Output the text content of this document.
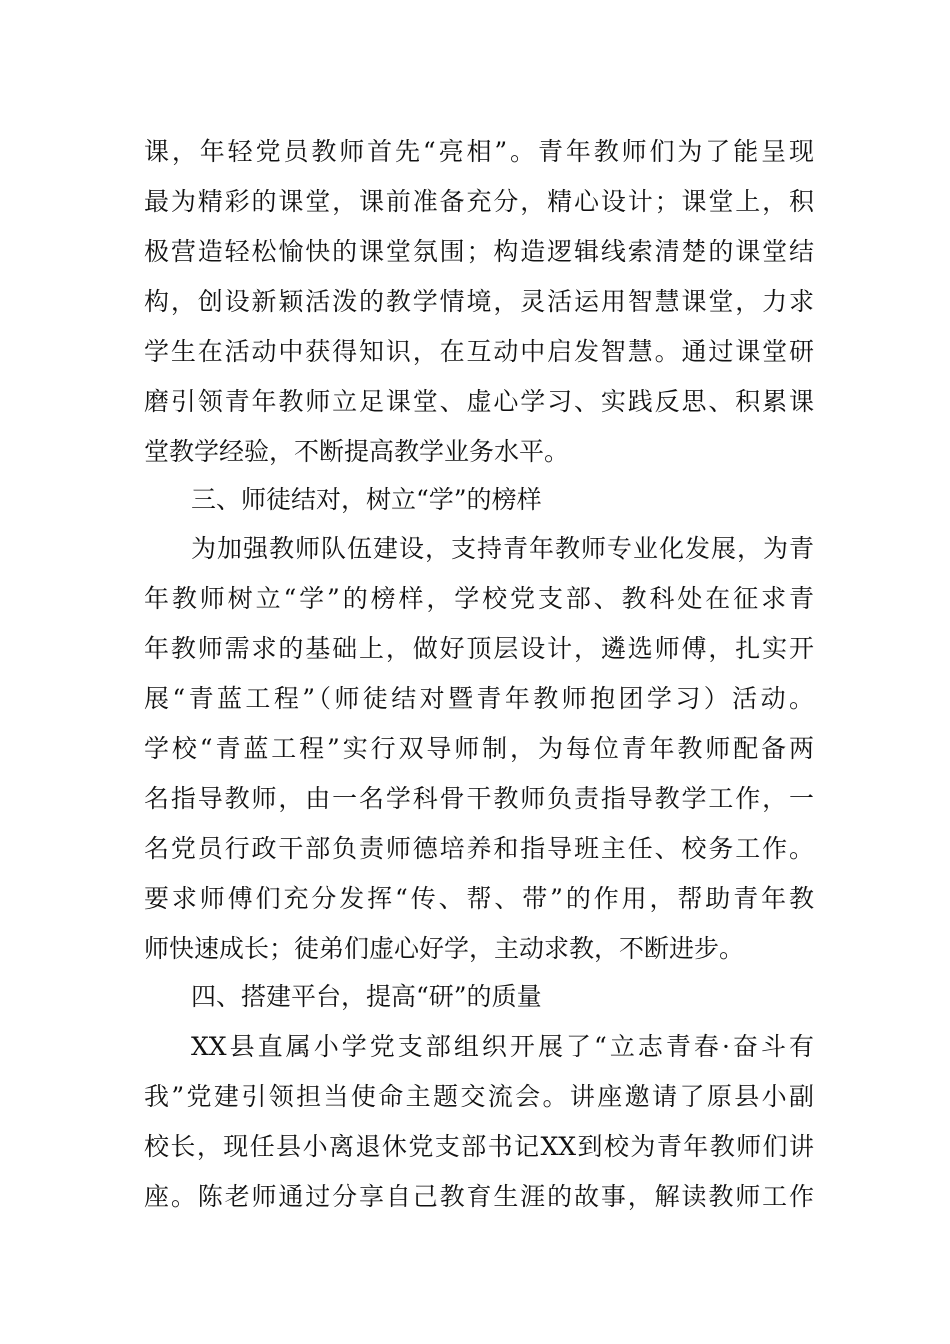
课，年轻党员教师首先“亮相”。青年教师们为了能呈现
最为精彩的课堂，课前准备充分，精心设计；课堂上，积
极营造轻松愉快的课堂氛围；构造逻辑线索清楚的课堂结
构，创设新颖活泼的教学情境，灵活运用智慧课堂，力求
学生在活动中获得知识，在互动中启发智慧。通过课堂研
磨引领青年教师立足课堂、虚心学习、实践反思、积累课
堂教学经验，不断提高教学业务水平。
三、师徒结对，树立“学”的榜样
为加强教师队伍建设，支持青年教师专业化发展，为青
年教师树立“学”的榜样，学校党支部、教科处在征求青
年教师需求的基础上，做好顶层设计，遴选师傅，扎实开
展“青蓝工程”（师徒结对暨青年教师抱团学习）活动。
学校“青蓝工程”实行双导师制，为每位青年教师配备两
名指导教师，由一名学科骨干教师负责指导教学工作，一
名党员行政干部负责师德培养和指导班主任、校务工作。
要求师傅们充分发挥“传、帮、带”的作用，帮助青年教
师快速成长；徒弟们虚心好学，主动求教，不断进步。
四、搭建平台，提高“研”的质量
XX县直属小学党支部组织开展了“立志青春·奋斗有
我”党建引领担当使命主题交流会。讲座邀请了原县小副
校长，现任县小离退休党支部书记XX到校为青年教师们讲
座。陈老师通过分享自己教育生涯的故事，解读教师工作
